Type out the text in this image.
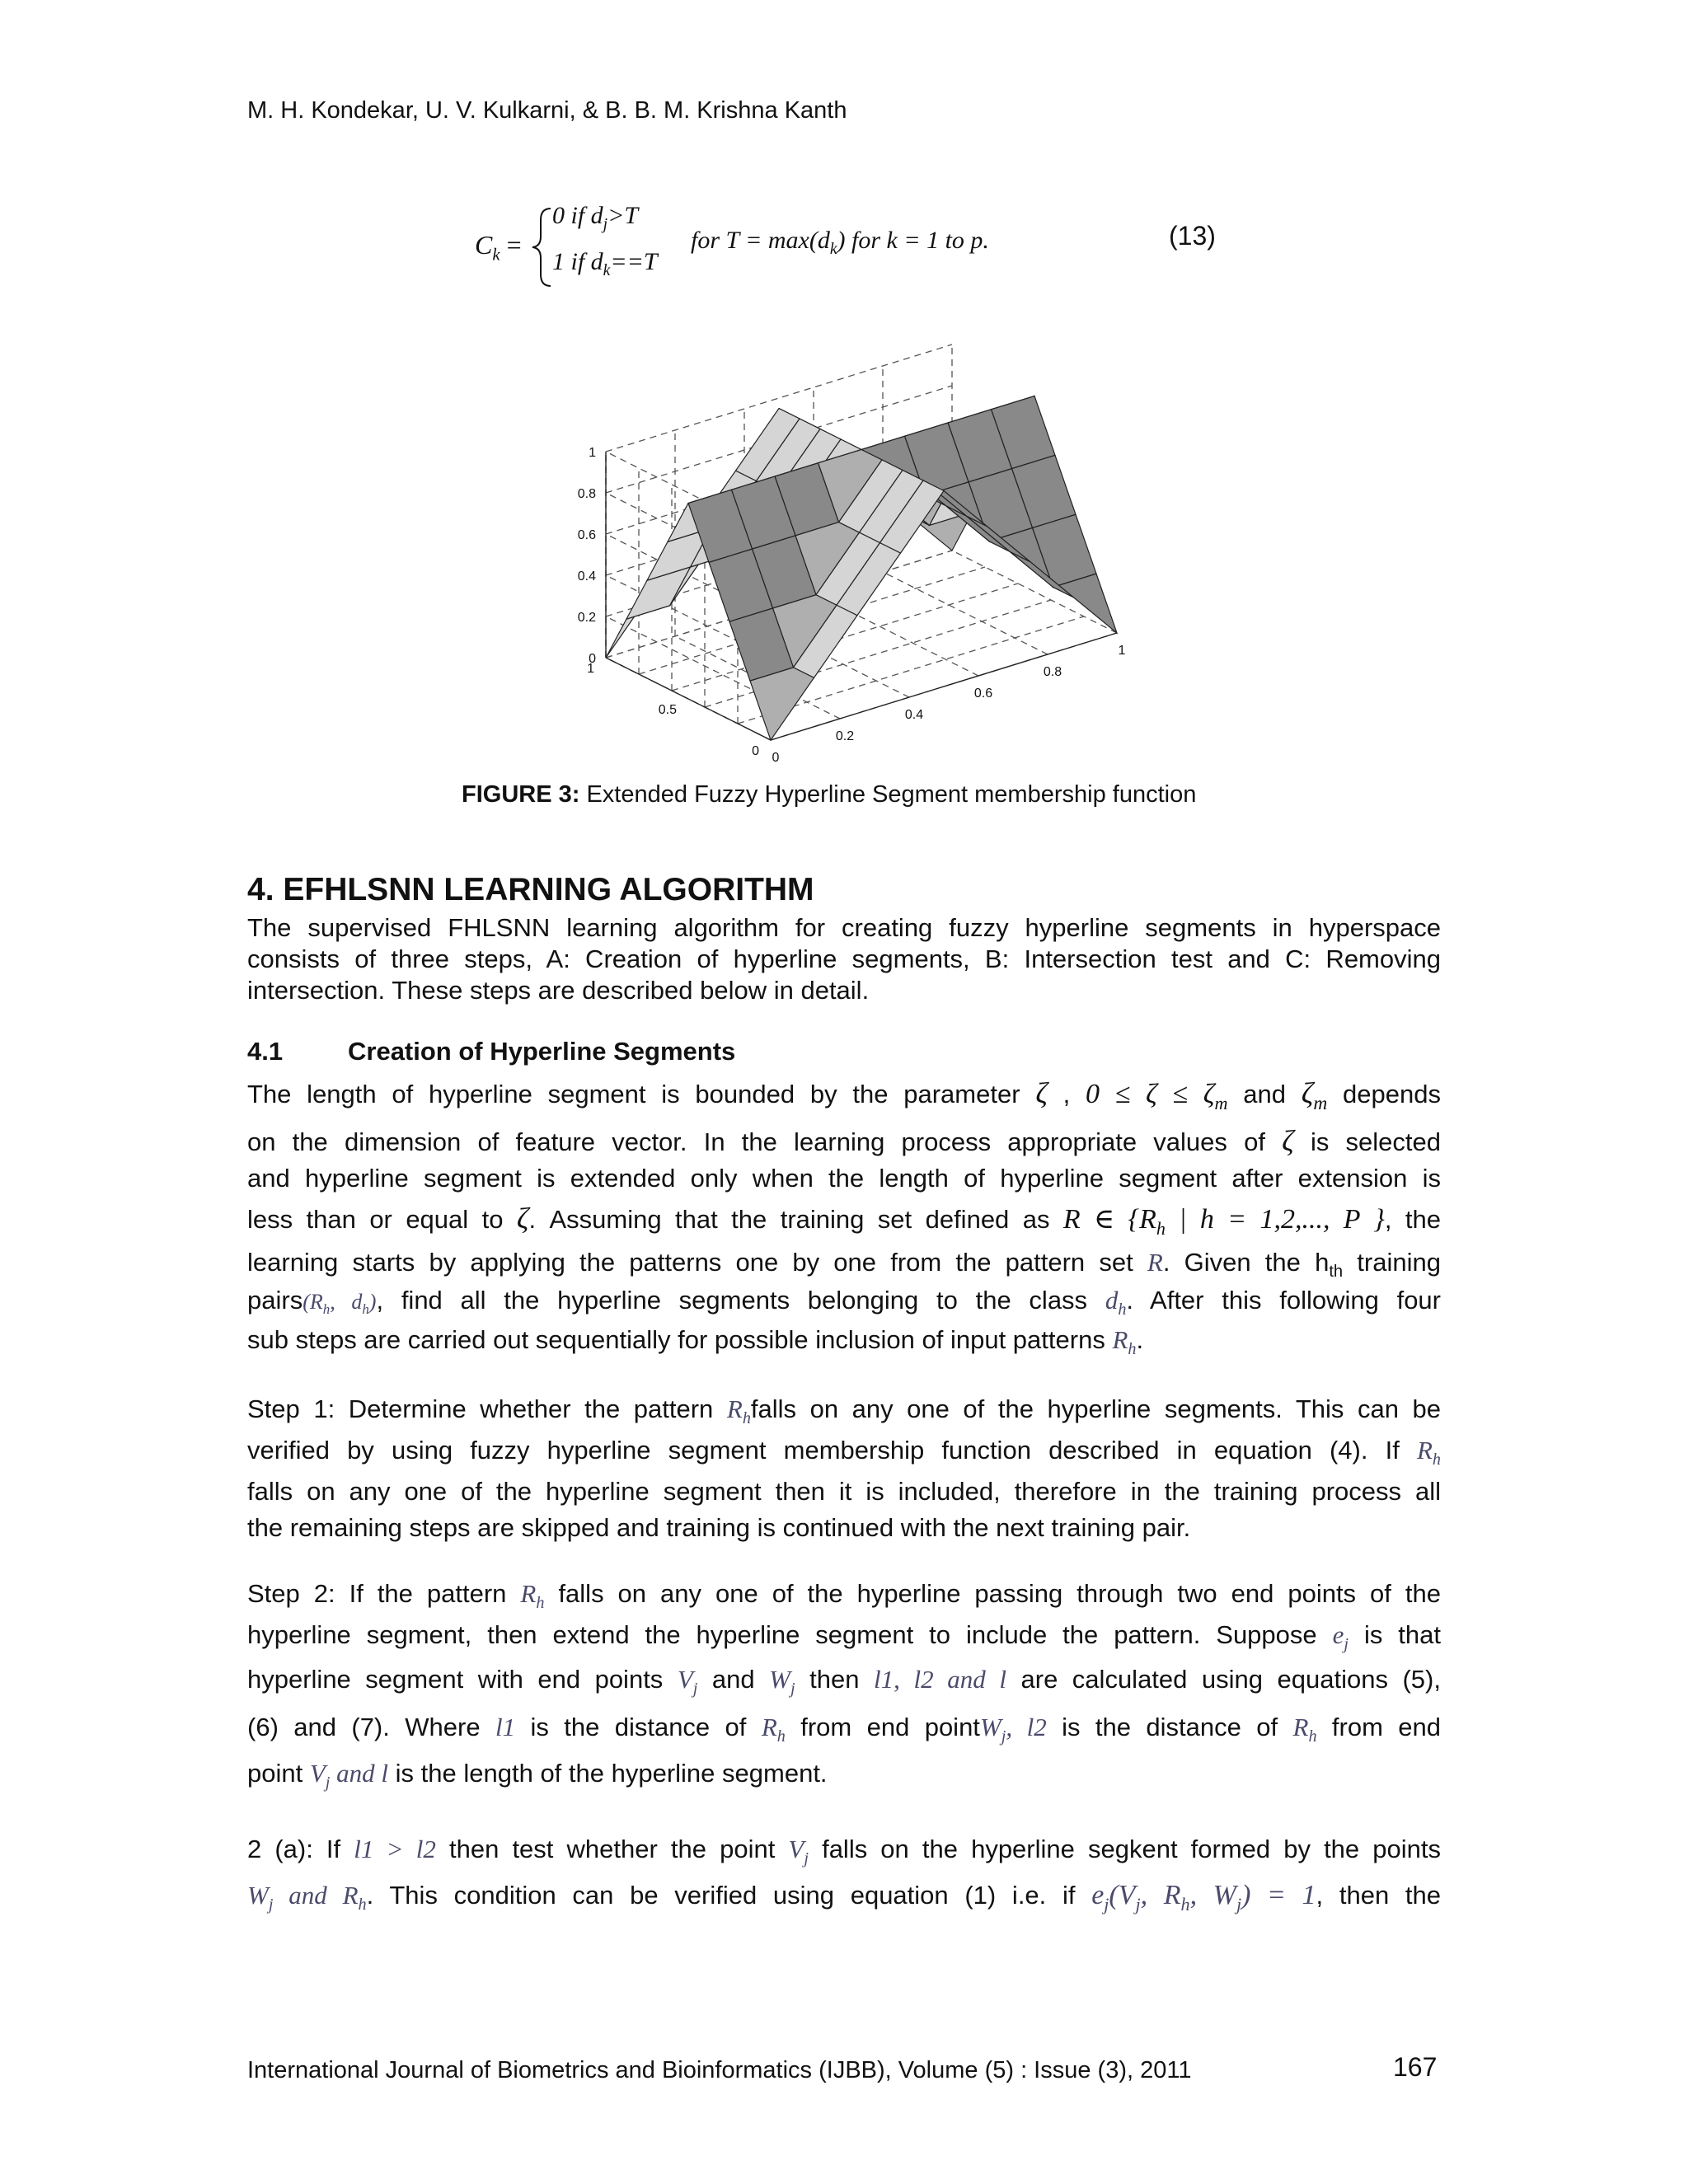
M. H. Kondekar, U. V. Kulkarni, & B. B. M. Krishna Kanth
$C_k$ =
0 if $d_j>T$
1 if $d_k==T$
for $T = \max(d_k)$ for k = 1 to p.	(13)
1
0.8
0.6
0.4
0.2
0
1
0.5
0 0
0.2
0.4
0.6
0.8
1
FIGURE 3: Extended Fuzzy Hyperline Segment membership function
4. EFHLSNN LEARNING ALGORITHM
The supervised FHLSNN learning algorithm for creating fuzzy hyperline segments in hyperspace
consists of three steps, A: Creation of hyperline segments, B: Intersection test and C: Removing
intersection. These steps are described below in detail.
4.1	Creation of Hyperline Segments
The length of hyperline segment is bounded by the parameter ζ , $0 \le \zeta \le \zeta_m$ and $\zeta_m$ depends
on the dimension of feature vector. In the learning process appropriate values of ζ is selected
and hyperline segment is extended only when the length of hyperline segment after extension is
less than or equal to ζ. Assuming that the training set defined as R ∈ {$R_h$ | h = 1,2,..., P }, the
learning starts by applying the patterns one by one from the pattern set R. Given the $h_{th}$ training
$pairs(R_h$, $d_h$), find all the hyperline segments belonging to the class $d_h$. After this following four
sub steps are carried out sequentially for possible inclusion of input patterns $R_h$.
Step 1: Determine whether the pattern $R_hfalls$ on any one of the hyperline segments. This can be
verified by using fuzzy hyperline segment membership function described in equation (4). If $R_h$
falls on any one of the hyperline segment then it is included, therefore in the training process all
the remaining steps are skipped and training is continued with the next training pair.
Step 2: If the pattern $R_h$ falls on any one of the hyperline passing through two end points of the
hyperline segment, then extend the hyperline segment to include the pattern. Suppose $e_j$ is that
hyperline segment with end points $V_j$ and $W_j$ then l1, l2 and l are calculated using equations (5),
(6) and (7). Where l1 is the distance of $R_h$ from end pointW$_j$, l2 is the distance of $R_h$ from end
point $V_j$ and l is the length of the hyperline segment.
2 (a): If l1 > l2 then test whether the point $V_j$ falls on the hyperline segkent formed by the points
$W_j$ and $R_h$. This condition can be verified using equation (1) i.e. if $e_j(V_j$, $R_h$, $W_j) = 1$, then the
International Journal of Biometrics and Bioinformatics (IJBB), Volume (5) : Issue (3), 2011	167
